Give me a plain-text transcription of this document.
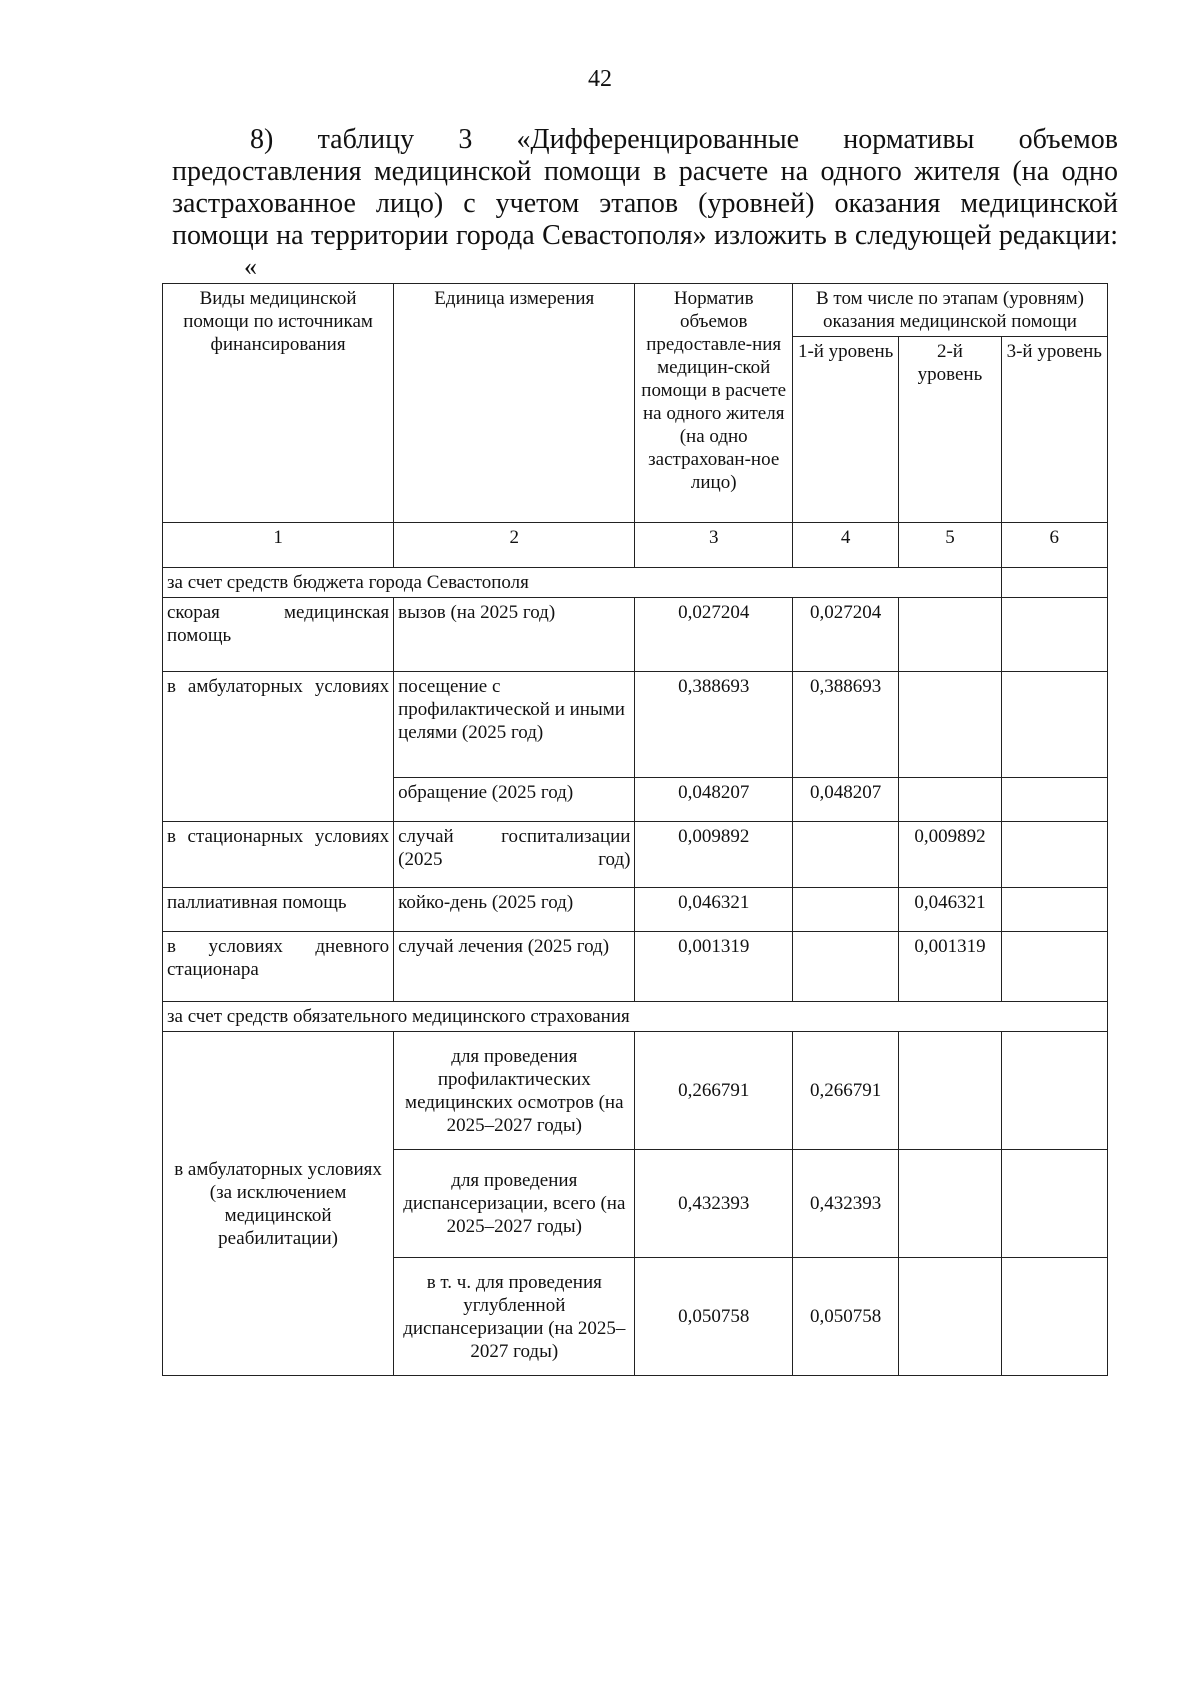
42
8) таблицу 3 «Дифференцированные нормативы объемов
предоставления медицинской помощи в расчете на одного жителя (на одно
застрахованное лицо) с учетом этапов (уровней) оказания медицинской
помощи на территории города Севастополя» изложить в следующей редакции:
«
Виды медицинской помощи по источникам финансирования	Единица измерения	Норматив объемов предоставле-ния медицин-ской помощи в расчете на одного жителя (на одно застрахован-ное лицо)	В том числе по этапам (уровням) оказания медицинской помощи		
			1-й уровень	2-й уровень	3-й уровень
1	2	3	4	5	6
за счет средств бюджета города Севастополя					
скорая медицинская помощь	вызов (на 2025 год)	0,027204	0,027204		
в амбулаторных условиях	посещение с профилактической и иными целями (2025 год)	0,388693	0,388693		
	обращение (2025 год)	0,048207	0,048207		
в стационарных условиях	случай госпитализации (2025 год)	0,009892		0,009892	
паллиативная помощь	койко-день (2025 год)	0,046321		0,046321	
в условиях дневного стационара	случай лечения (2025 год)	0,001319		0,001319	
за счет средств обязательного медицинского страхования					
в амбулаторных условиях (за исключением медицинской реабилитации)	для проведения профилактических медицинских осмотров (на 2025–2027 годы)	0,266791	0,266791		
	для проведения диспансеризации, всего (на 2025–2027 годы)	0,432393	0,432393		
	в т. ч. для проведения углубленной диспансеризации (на 2025–2027 годы)	0,050758	0,050758		
